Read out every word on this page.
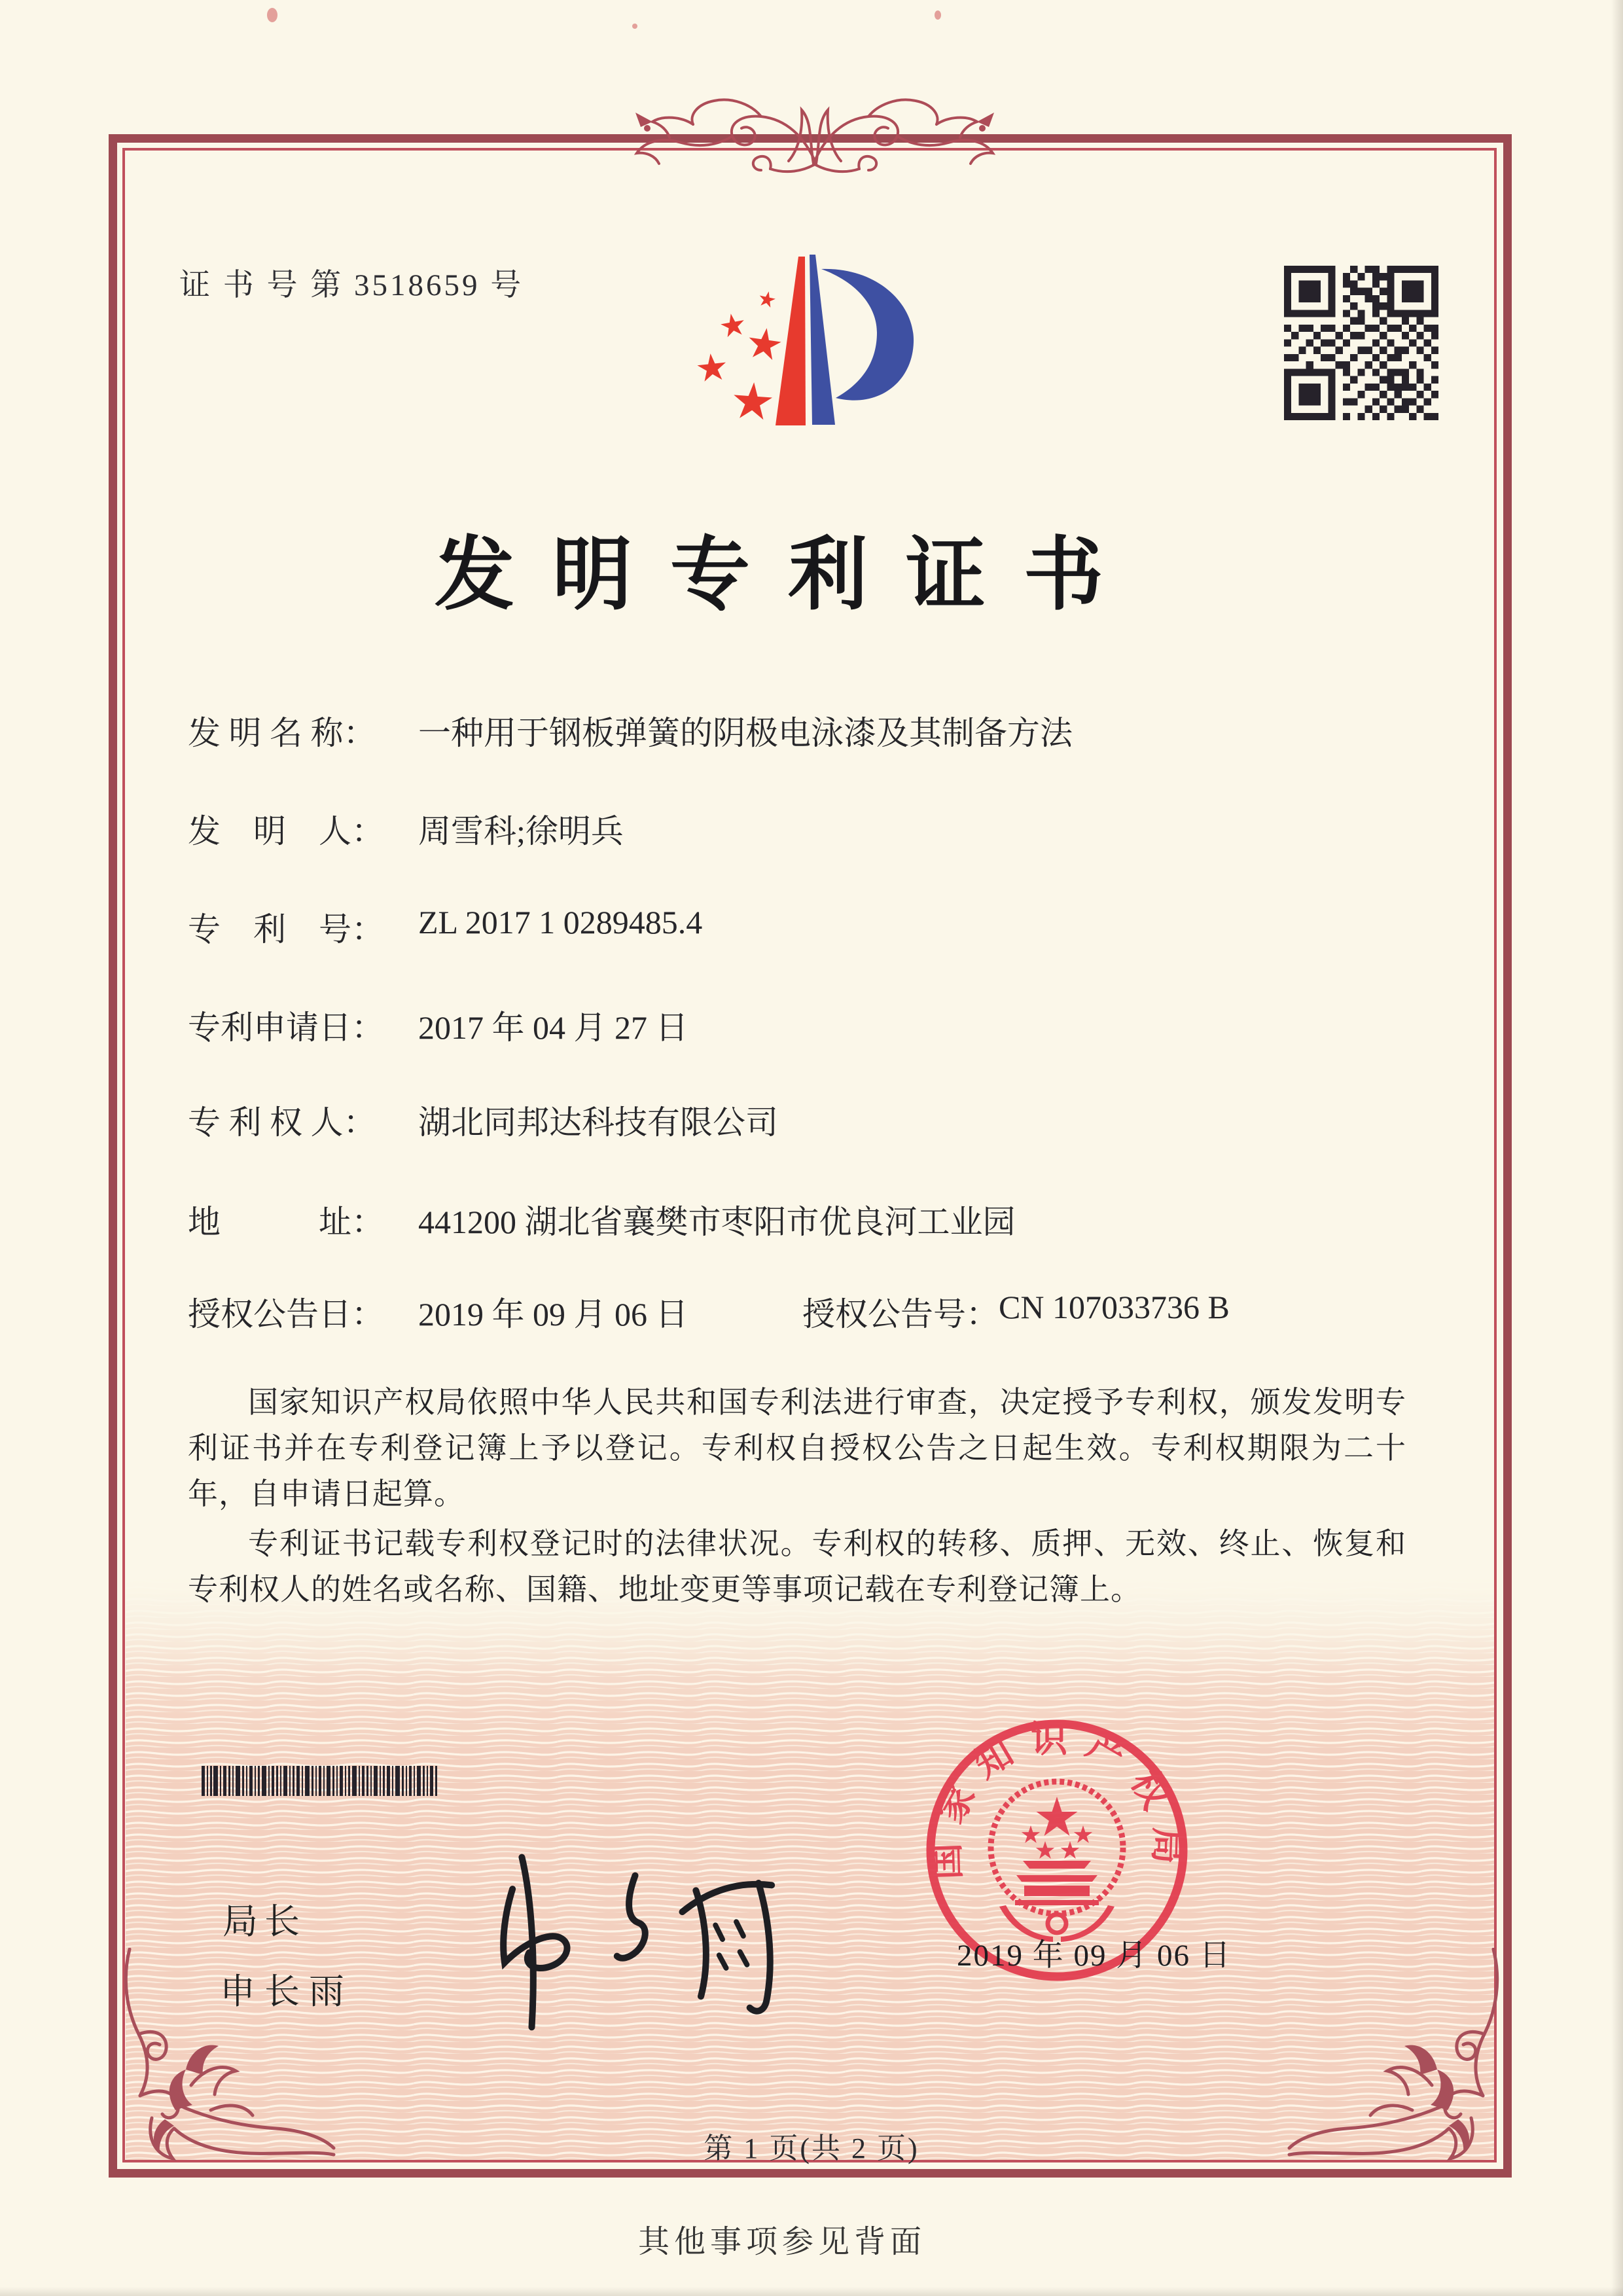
证 书 号 第 3518659 号
发明专利证书
发 明 名 称：	一种用于钢板弹簧的阴极电泳漆及其制备方法
发　明　人：	周雪科;徐明兵
专　利　号：	ZL 2017 1 0289485.4
专利申请日：	2017 年 04 月 27 日
专 利 权 人：	湖北同邦达科技有限公司
地　　　址：	441200 湖北省襄樊市枣阳市优良河工业园
授权公告日：	2019 年 09 月 06 日	授权公告号： CN 107033736 B

国家知识产权局依照中华人民共和国专利法进行审查，决定授予专利权，颁发发明专利证书并在专利登记簿上予以登记。专利权自授权公告之日起生效。专利权期限为二十年，自申请日起算。

专利证书记载专利权登记时的法律状况。专利权的转移、质押、无效、终止、恢复和专利权人的姓名或名称、国籍、地址变更等事项记载在专利登记簿上。

局长
申长雨
国家知识产权局
2019 年 09 月 06 日
第 1 页(共 2 页)
其他事项参见背面
